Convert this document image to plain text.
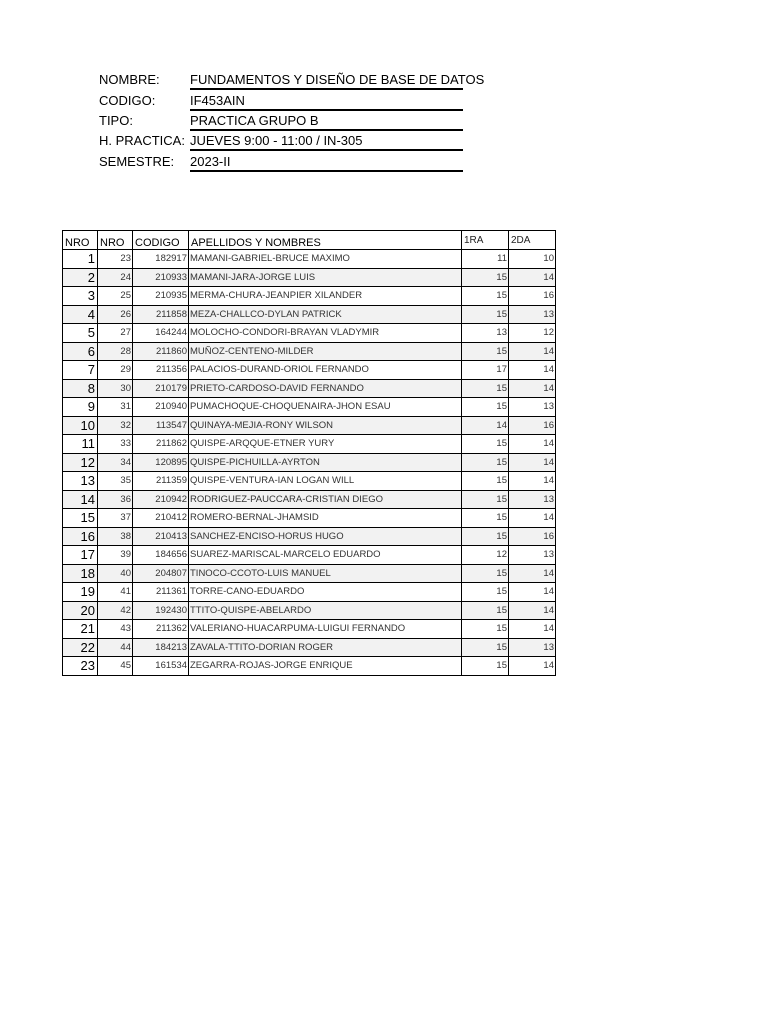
NOMBRE: FUNDAMENTOS Y DISEÑO DE BASE DE DATOS
CODIGO:	IF453AIN
TIPO:	PRACTICA GRUPO B
H. PRACTICA: JUEVES 9:00 - 11:00 / IN-305
SEMESTRE: 2023-II
NRO	NRO	CODIGO	APELLIDOS Y NOMBRES	1RA	2DA
1	23	182917	MAMANI-GABRIEL-BRUCE MAXIMO	11	10
2	24	210933	MAMANI-JARA-JORGE LUIS	15	14
3	25	210935	MERMA-CHURA-JEANPIER XILANDER	15	16
4	26	211858	MEZA-CHALLCO-DYLAN PATRICK	15	13
5	27	164244	MOLOCHO-CONDORI-BRAYAN VLADYMIR	13	12
6	28	211860	MUÑOZ-CENTENO-MILDER	15	14
7	29	211356	PALACIOS-DURAND-ORIOL FERNANDO	17	14
8	30	210179	PRIETO-CARDOSO-DAVID FERNANDO	15	14
9	31	210940	PUMACHOQUE-CHOQUENAIRA-JHON ESAU	15	13
10	32	113547	QUINAYA-MEJIA-RONY WILSON	14	16
11	33	211862	QUISPE-ARQQUE-ETNER YURY	15	14
12	34	120895	QUISPE-PICHUILLA-AYRTON	15	14
13	35	211359	QUISPE-VENTURA-IAN LOGAN WILL	15	14
14	36	210942	RODRIGUEZ-PAUCCARA-CRISTIAN DIEGO	15	13
15	37	210412	ROMERO-BERNAL-JHAMSID	15	14
16	38	210413	SANCHEZ-ENCISO-HORUS HUGO	15	16
17	39	184656	SUAREZ-MARISCAL-MARCELO EDUARDO	12	13
18	40	204807	TINOCO-CCOTO-LUIS MANUEL	15	14
19	41	211361	TORRE-CANO-EDUARDO	15	14
20	42	192430	TTITO-QUISPE-ABELARDO	15	14
21	43	211362	VALERIANO-HUACARPUMA-LUIGUI FERNANDO	15	14
22	44	184213	ZAVALA-TTITO-DORIAN ROGER	15	13
23	45	161534	ZEGARRA-ROJAS-JORGE ENRIQUE	15	14
